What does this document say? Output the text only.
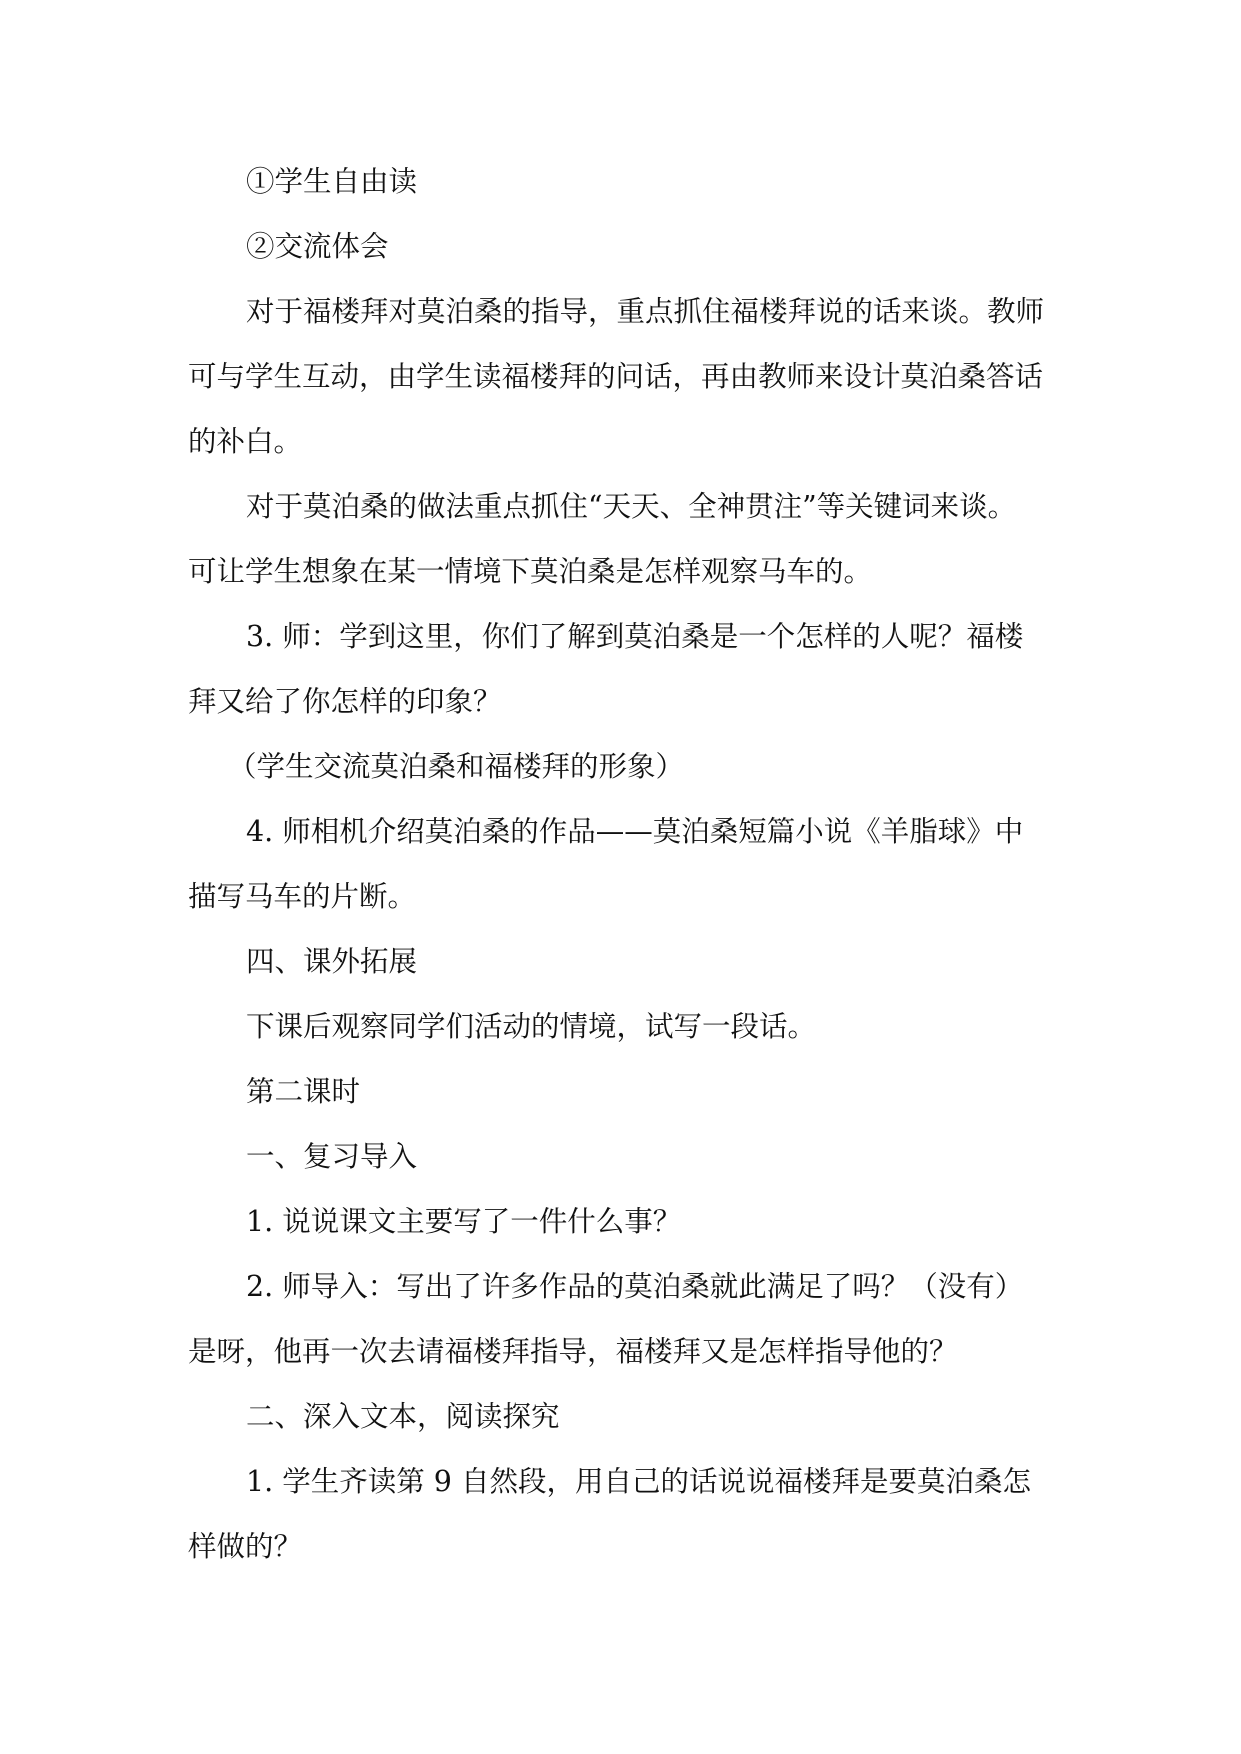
①学生自由读
②交流体会
对于福楼拜对莫泊桑的指导，重点抓住福楼拜说的话来谈。教师
可与学生互动，由学生读福楼拜的问话，再由教师来设计莫泊桑答话
的补白。
对于莫泊桑的做法重点抓住“天天、全神贯注”等关键词来谈。
可让学生想象在某一情境下莫泊桑是怎样观察马车的。
3. 师：学到这里，你们了解到莫泊桑是一个怎样的人呢？福楼
拜又给了你怎样的印象？
（学生交流莫泊桑和福楼拜的形象）
4. 师相机介绍莫泊桑的作品——莫泊桑短篇小说《羊脂球》中
描写马车的片断。
四、课外拓展
下课后观察同学们活动的情境，试写一段话。
第二课时
一、复习导入
1. 说说课文主要写了一件什么事？
2. 师导入：写出了许多作品的莫泊桑就此满足了吗？（没有）
是呀，他再一次去请福楼拜指导，福楼拜又是怎样指导他的？
二、深入文本，阅读探究
1. 学生齐读第 9 自然段，用自己的话说说福楼拜是要莫泊桑怎
样做的？
